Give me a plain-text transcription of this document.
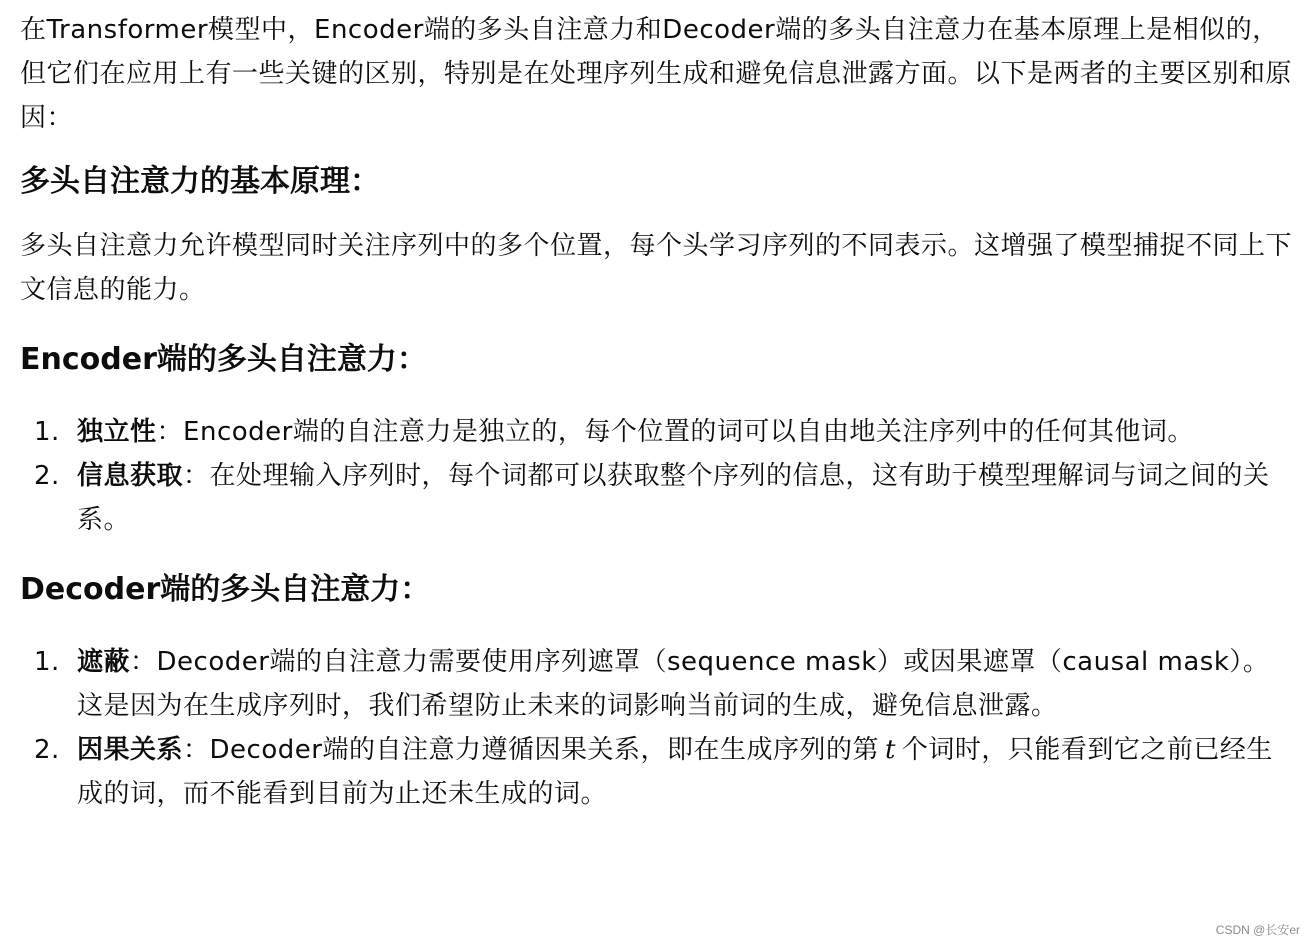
在Transformer模型中，Encoder端的多头自注意力和Decoder端的多头自注意力在基本原理上是相似的，但它们在应用上有一些关键的区别，特别是在处理序列生成和避免信息泄露方面。以下是两者的主要区别和原因：

多头自注意力的基本原理：

多头自注意力允许模型同时关注序列中的多个位置，每个头学习序列的不同表示。这增强了模型捕捉不同上下文信息的能力。

Encoder端的多头自注意力：
1. 独立性：Encoder端的自注意力是独立的，每个位置的词可以自由地关注序列中的任何其他词。
2. 信息获取：在处理输入序列时，每个词都可以获取整个序列的信息，这有助于模型理解词与词之间的关系。
Decoder端的多头自注意力：
1. 遮蔽：Decoder端的自注意力需要使用序列遮罩（sequence mask）或因果遮罩（causal mask）。这是因为在生成序列时，我们希望防止未来的词影响当前词的生成，避免信息泄露。
2. 因果关系：Decoder端的自注意力遵循因果关系，即在生成序列的第 t 个词时，只能看到它之前已经生成的词，而不能看到目前为止还未生成的词。
CSDN @长安er
